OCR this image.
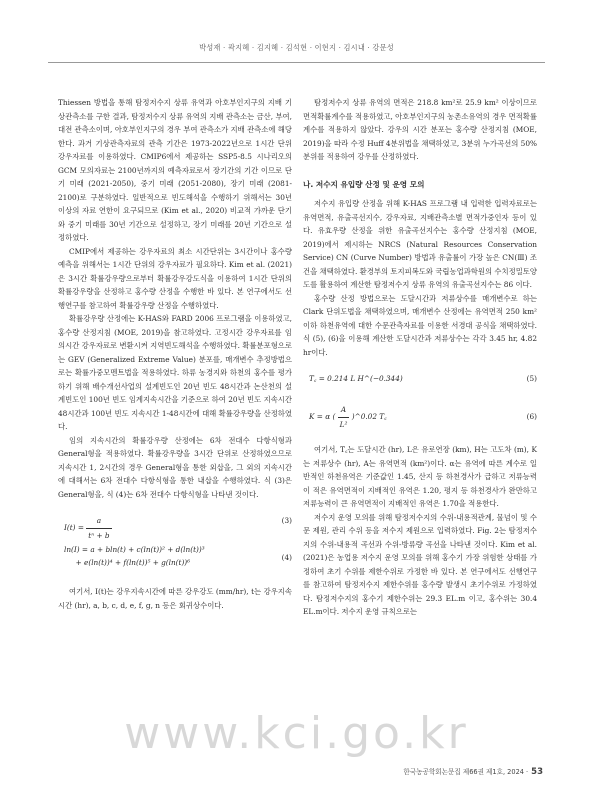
박성재 · 곽지혜 · 김지혜 · 김석현 · 이현지 · 김시내 · 강문성

Thiessen 방법을 통해 탐정저수지 상류 유역과 아호부인지구의 지배 기상관측소를 구한 결과, 탐정저수지 상류 유역의 지배 관측소는 금산, 부여, 대전 관측소이며, 아호부인지구의 경우 부여 관측소가 지배 관측소에 해당한다. 과거 기상관측자료의 관측 기간은 1973-2022년으로 1시간 단위 강우자료를 이용하였다. CMIP6에서 제공하는 SSP5-8.5 시나리오의 GCM 모의자료는 2100년까지의 예측자료로서 장기간의 기간 이므로 단기 미래 (2021-2050), 중기 미래 (2051-2080), 장기 미래 (2081-2100)로 구분하였다. 일반적으로 빈도해석을 수행하기 위해서는 30년 이상의 자료 연한이 요구되므로 (Kim et al., 2020) 비교적 가까운 단기와 중기 미래를 30년 기간으로 설정하고, 장기 미래를 20년 기간으로 설정하였다.

CMIP에서 제공하는 강우자료의 최소 시간단위는 3시간이나 홍수량 예측을 위해서는 1시간 단위의 강우자료가 필요하다. Kim et al. (2021)은 3시간 확률강우량으로부터 확률강우강도식을 이용하여 1시간 단위의 확률강우량을 산정하고 홍수량 산정을 수행한 바 있다. 본 연구에서도 선행연구를 참고하여 확률강우량 산정을 수행하였다.

확률강우량 산정에는 K-HAS와 FARD 2006 프로그램을 이용하였고, 홍수량 산정지침 (MOE, 2019)을 참고하였다. 고정시간 강우자료를 임의시간 강우자료로 변환시켜 지역빈도해석을 수행하였다. 확률분포형으로는 GEV (Generalized Extreme Value) 분포를, 매개변수 추정방법으로는 확률가중모멘트법을 적용하였다. 하류 농경지와 하천의 홍수를 평가하기 위해 배수개선사업의 설계빈도인 20년 빈도 48시간과 논산천의 설계빈도인 100년 빈도 임계지속시간을 기준으로 하여 20년 빈도 지속시간 48시간과 100년 빈도 지속시간 1-48시간에 대해 확률강우량을 산정하였다.

임의 지속시간의 확률강우량 산정에는 6차 전대수 다항식형과 General형을 적용하였다. 확률강우량을 3시간 단위로 산정하였으므로 지속시간 1, 2시간의 경우 General형을 통한 외삽을, 그 외의 지속시간에 대해서는 6차 전대수 다항식형을 통한 내삽을 수행하였다. 식 (3)은 General형을, 식 (4)는 6차 전대수 다항식형을 나타낸 것이다.

$I(t) = \frac{a}{\text{tⁿ + b}}$	(3)
ln(I) = a + bln(t) + c(ln(t))² + d(ln(t))³
+ e(ln(t))⁴ + f(ln(t))⁵ + g(ln(t))⁶
(4)

여기서, I(t)는 강우지속시간에 따른 강우강도 (mm/hr), t는 강우지속시간 (hr), a, b, c, d, e, f, g, n 등은 회귀상수이다.

탐정저수지 상류 유역의 면적은 218.8 km²로 25.9 km² 이상이므로 면적확률계수를 적용하였고, 아호부인지구의 농촌소유역의 경우 면적확률계수를 적용하지 않았다. 강우의 시간 분포는 홍수량 산정지침 (MOE, 2019)을 따라 수정 Huff 4분위법을 채택하였고, 3분위 누가곡선의 50% 분위를 적용하여 강우를 산정하였다.

나. 저수지 유입량 산정 및 운영 모의

저수지 유입량 산정을 위해 K-HAS 프로그램 내 입력한 입력자료로는 유역면적, 유출곡선지수, 강우자료, 지배관측소별 면적가중인자 등이 있다. 유효우량 산정을 위한 유출곡선지수는 홍수량 산정지침 (MOE, 2019)에서 제시하는 NRCS (Natural Resources Conservation Service) CN (Curve Number) 방법과 유출률이 가장 높은 CN(Ⅲ) 조건을 채택하였다. 환경부의 토지피복도와 국립농업과학원의 수치정밀토양도를 활용하여 계산한 탐정저수지 상류 유역의 유출곡선지수는 86 이다.

홍수량 산정 방법으로는 도달시간과 저류상수를 매개변수로 하는 Clark 단위도법을 채택하였으며, 매개변수 산정에는 유역면적 250 km² 이하 하천유역에 대한 수문관측자료를 이용한 서경대 공식을 채택하였다. 식 (5), (6)을 이용해 계산한 도달시간과 저류상수는 각각 3.45 hr, 4.82 hr이다.

T꜀ = 0.214 L H^(−0.344)	(5)
K = α ( $\frac{A}{\text{L²}}$ )^0.02 T꜀	(6)

여기서, T꜀는 도달시간 (hr), L은 유로연장 (km), H는 고도차 (m), K는 저류상수 (hr), A는 유역면적 (km²)이다. α는 유역에 따른 계수로 일반적인 하천유역은 기준값인 1.45, 산지 등 하천경사가 급하고 저류능력이 적은 유역면적이 지배적인 유역은 1.20, 평지 등 하천경사가 완만하고 저류능력이 큰 유역면적이 지배적인 유역은 1.70을 적용한다.

저수지 운영 모의를 위해 탐정저수지의 수위-내용적관계, 물넘이 및 수문 제원, 관리 수위 등을 저수지 제원으로 입력하였다. Fig. 2는 탐정저수지의 수위-내용적 곡선과 수위-방류량 곡선을 나타낸 것이다. Kim et al. (2021)은 농업용 저수지 운영 모의를 위해 홍수기 가장 위험한 상태를 가정하여 초기 수위를 제한수위로 가정한 바 있다. 본 연구에서도 선행연구를 참고하여 탐정저수지 제한수위를 홍수량 발생시 초기수위로 가정하였다. 탐정저수지의 홍수기 제한수위는 29.3 EL.m 이고, 홍수위는 30.4 EL.m이다. 저수지 운영 규칙으로는

www.kci.go.kr
한국농공학회논문집 제66권 제1호, 2024 · 53
